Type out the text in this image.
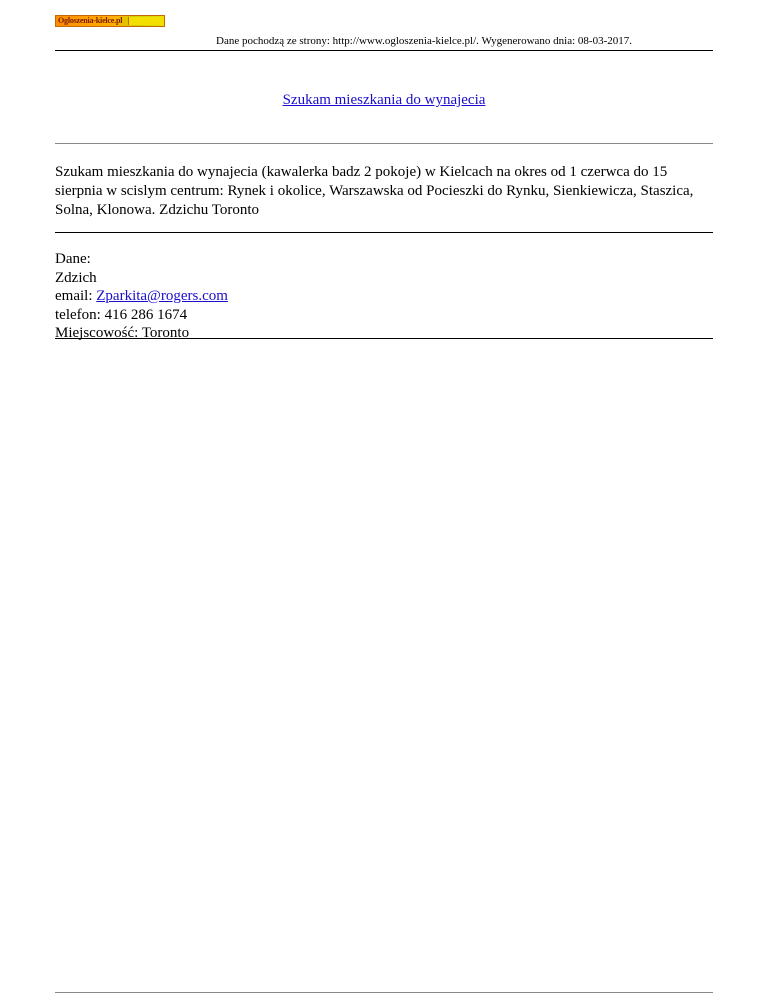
Ogloszenia-kielce.pl
Dane pochodzą ze strony: http://www.ogloszenia-kielce.pl/. Wygenerowano dnia: 08-03-2017.
Szukam mieszkania do wynajecia

Szukam mieszkania do wynajecia (kawalerka badz 2 pokoje) w Kielcach na okres od 1 czerwca do 15 sierpnia w scislym centrum: Rynek i okolice, Warszawska od Pocieszki do Rynku, Sienkiewicza, Staszica, Solna, Klonowa. Zdzichu Toronto

Dane:
Zdzich
email: Zparkita@rogers.com
telefon: 416 286 1674
Miejscowość: Toronto
